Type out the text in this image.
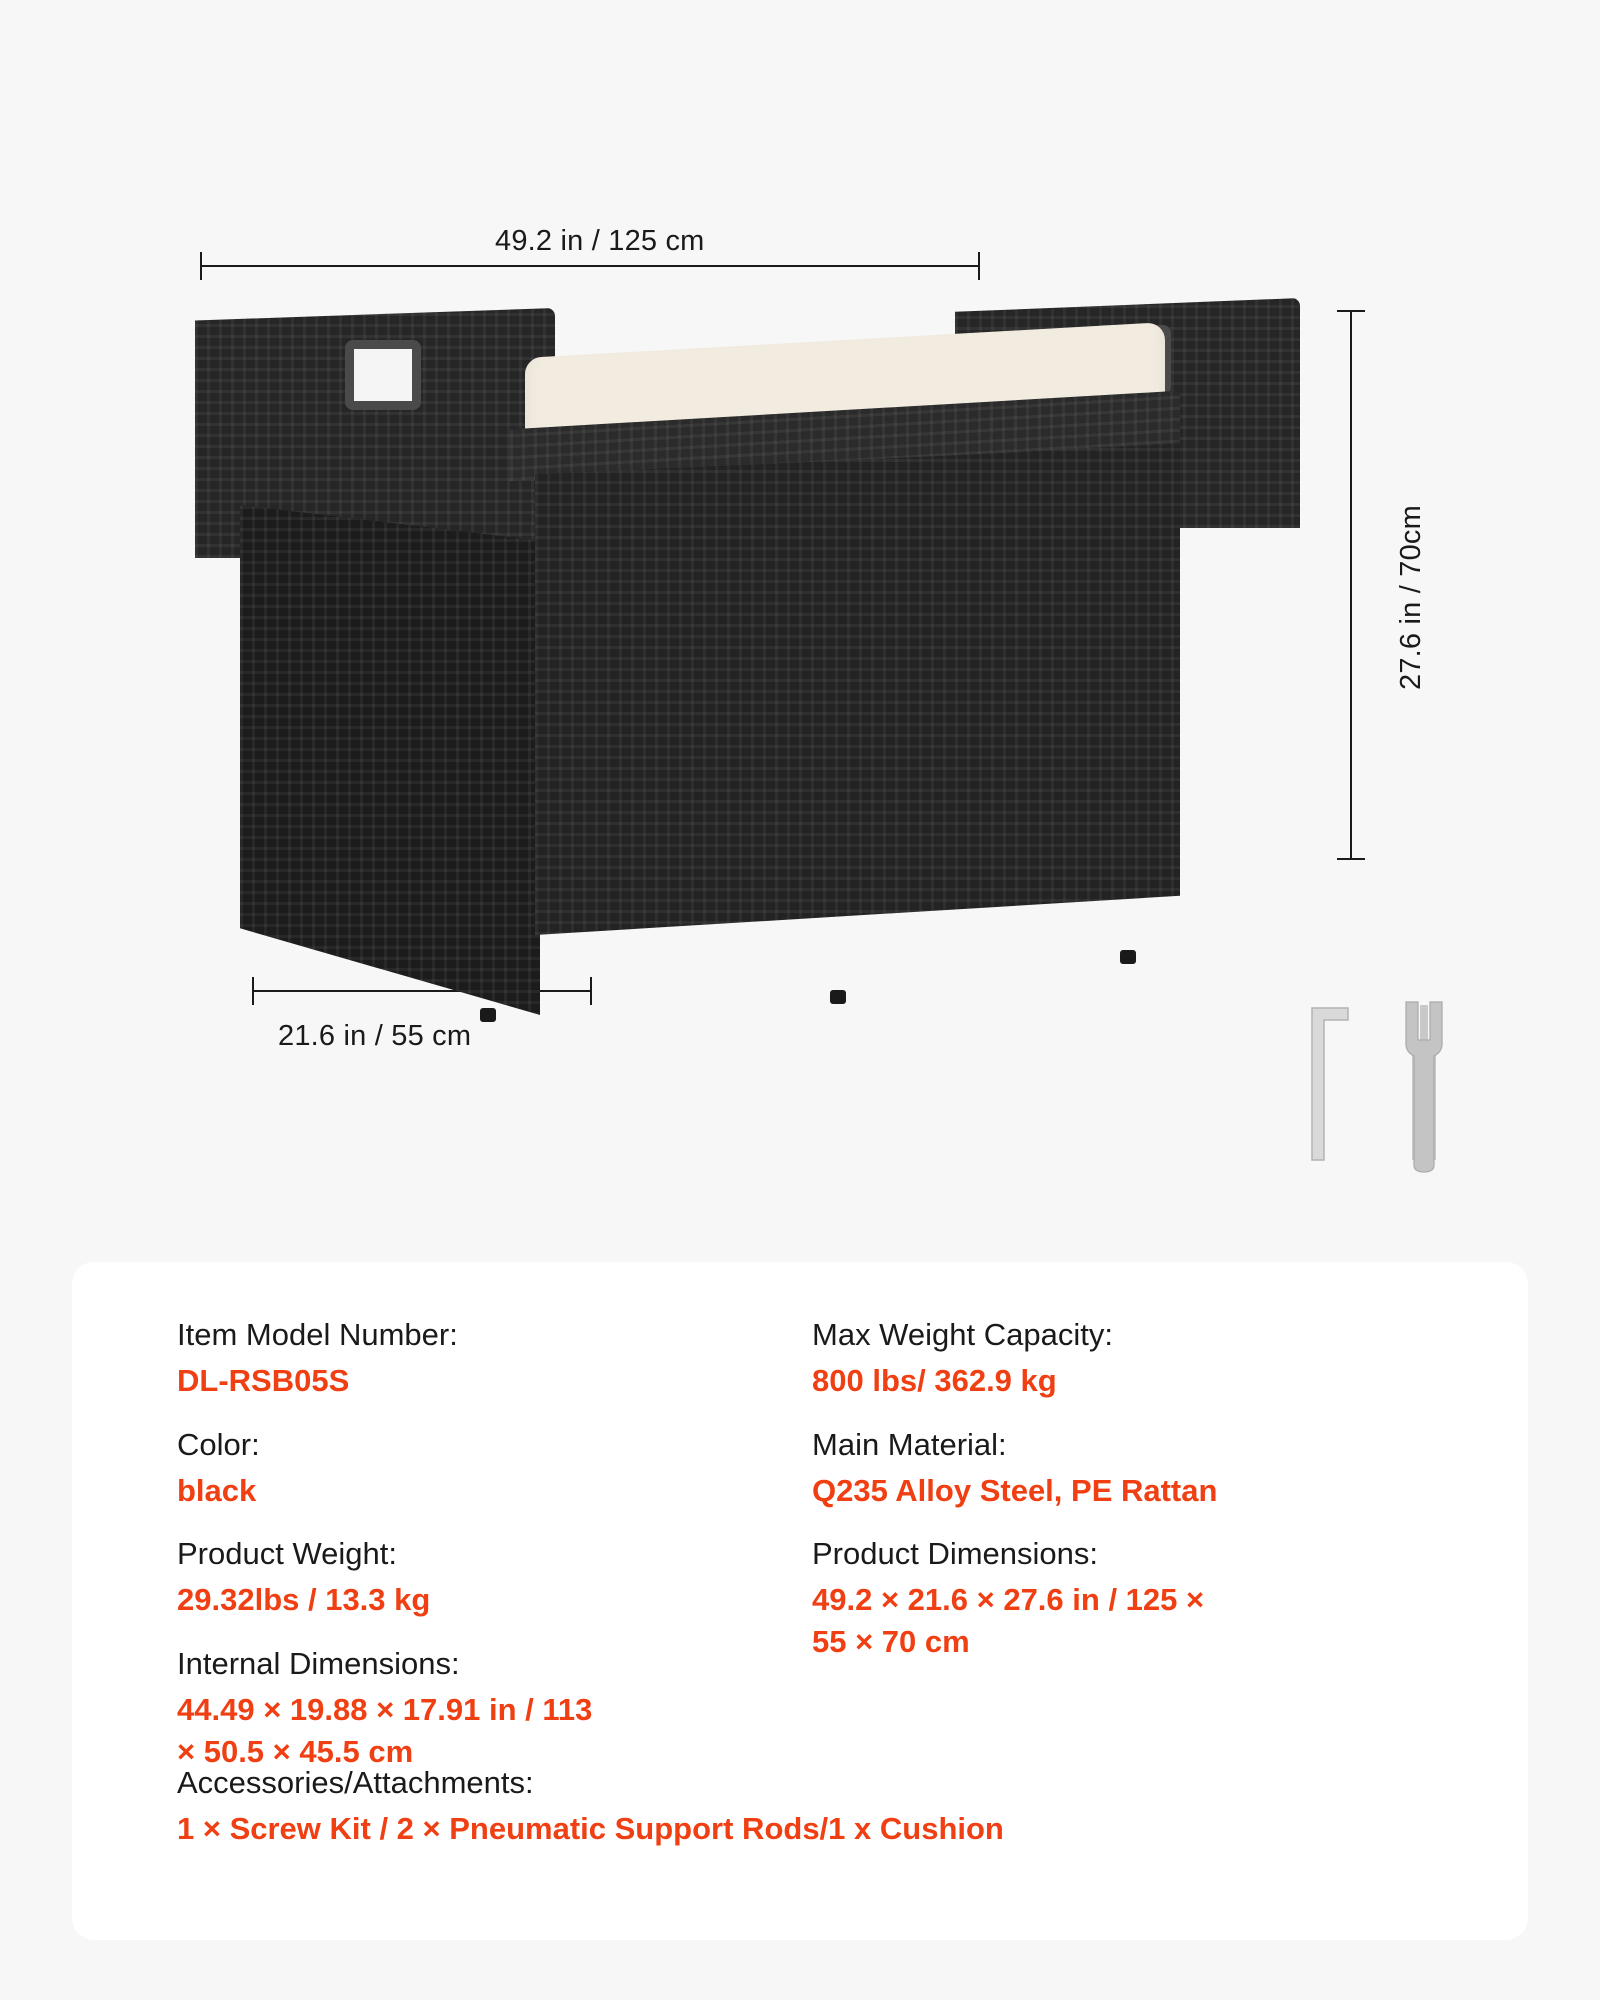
49.2 in / 125 cm
27.6 in / 70cm
21.6 in / 55 cm
Item Model Number:
DL-RSB05S
Color:
black
Product Weight:
29.32lbs / 13.3 kg
Internal Dimensions:
44.49 × 19.88 × 17.91 in / 113 × 50.5 × 45.5 cm
Max Weight Capacity:
800 lbs/ 362.9 kg
Main Material:
Q235 Alloy Steel, PE Rattan
Product Dimensions:
49.2 × 21.6 × 27.6 in / 125 × 55 × 70 cm
Accessories/Attachments:
1 × Screw Kit / 2 × Pneumatic Support Rods/1 x Cushion
